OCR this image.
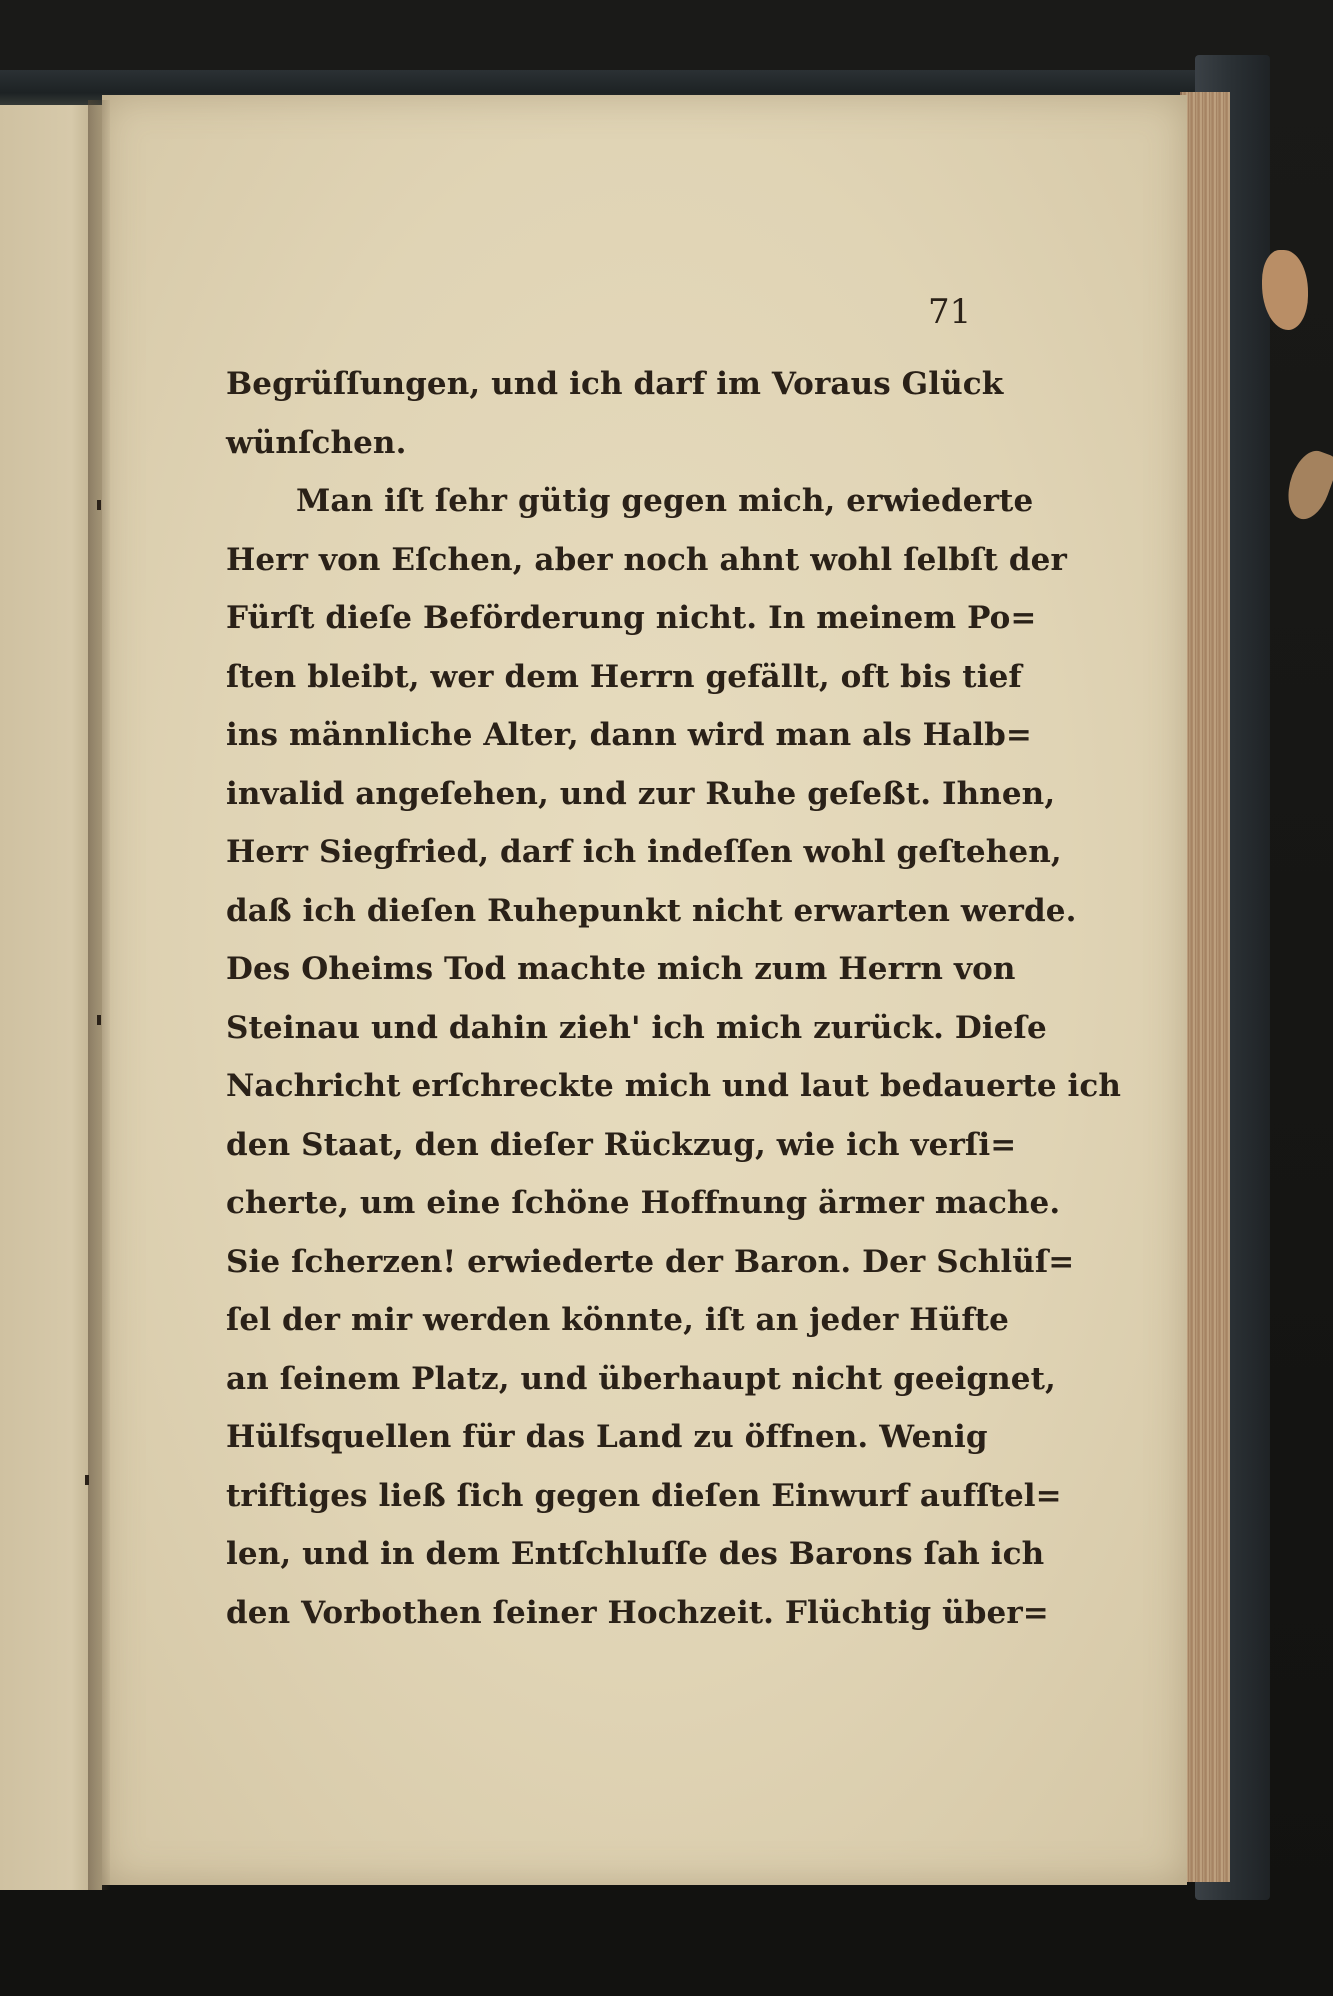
71
Begrüſſungen, und ich darf im Voraus Glück
wünſchen.
Man iſt ſehr gütig gegen mich, erwiederte
Herr von Eſchen, aber noch ahnt wohl ſelbſt der
Fürſt dieſe Beförderung nicht. In meinem Po=
ſten bleibt, wer dem Herrn gefällt, oft bis tief
ins männliche Alter, dann wird man als Halb=
invalid angeſehen, und zur Ruhe geſeßt. Ihnen,
Herr Siegfried, darf ich indeſſen wohl geſtehen,
daß ich dieſen Ruhepunkt nicht erwarten werde.
Des Oheims Tod machte mich zum Herrn von
Steinau und dahin zieh' ich mich zurück. Dieſe
Nachricht erſchreckte mich und laut bedauerte ich
den Staat, den dieſer Rückzug, wie ich verſi=
cherte, um eine ſchöne Hoffnung ärmer mache.
Sie ſcherzen! erwiederte der Baron. Der Schlüſ=
ſel der mir werden könnte, iſt an jeder Hüfte
an ſeinem Platz, und überhaupt nicht geeignet,
Hülfsquellen für das Land zu öffnen. Wenig
triftiges ließ ſich gegen dieſen Einwurf aufſtel=
len, und in dem Entſchluſſe des Barons ſah ich
den Vorbothen ſeiner Hochzeit. Flüchtig über=
